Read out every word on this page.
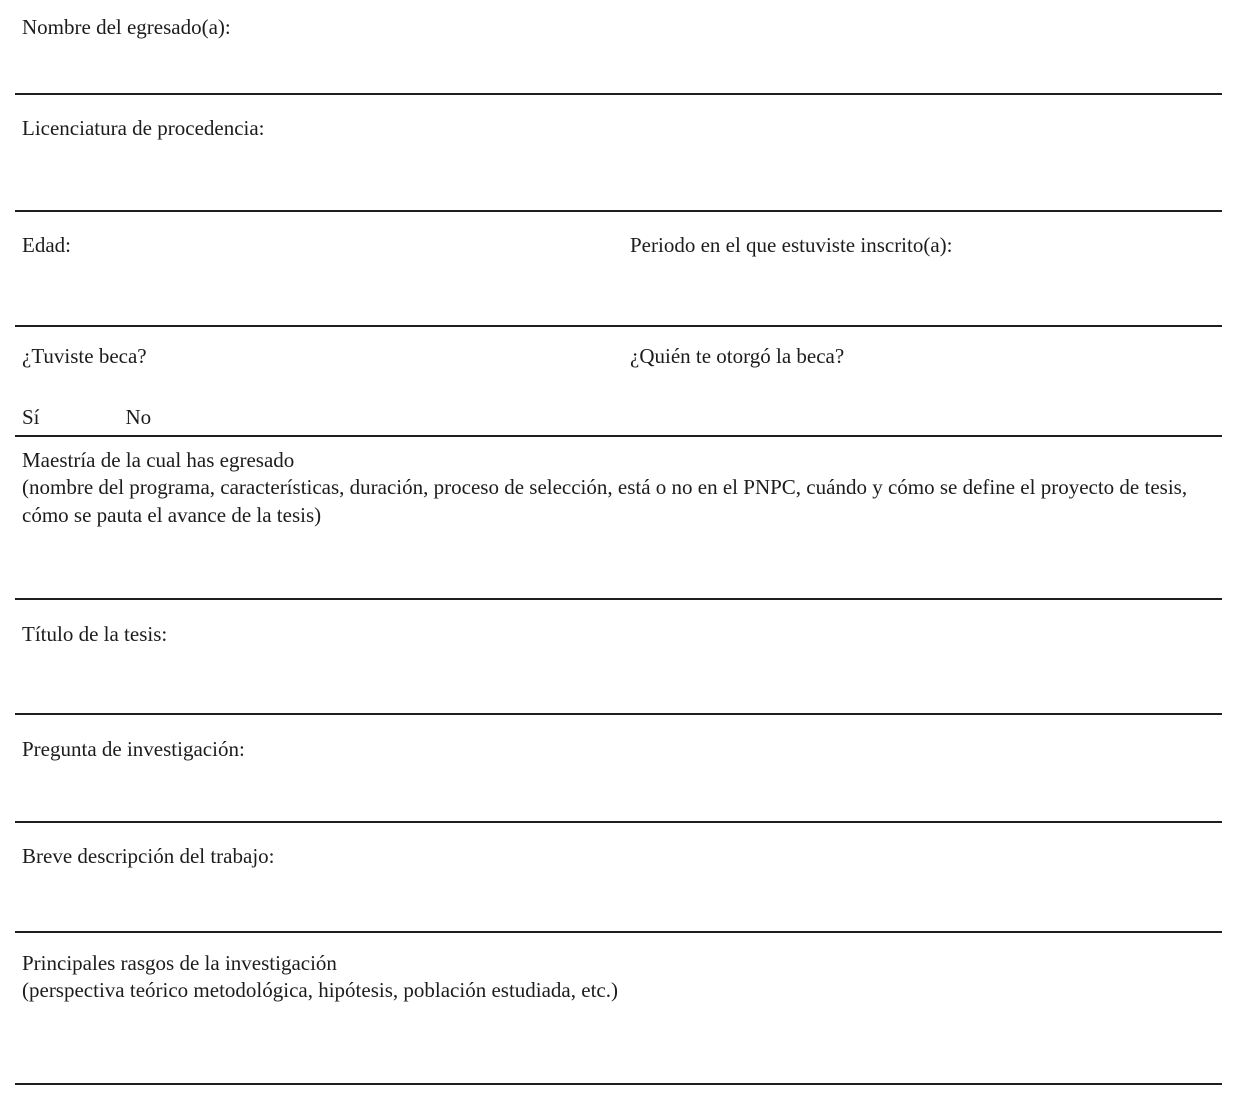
Nombre del egresado(a):
Licenciatura de procedencia:
Edad:	Periodo en el que estuviste inscrito(a):
¿Tuviste beca?	¿Quién te otorgó la beca?
Sí	No
Maestría de la cual has egresado
(nombre del programa, características, duración, proceso de selección, está o no en el PNPC, cuándo y cómo se define el proyecto de tesis, cómo se pauta el avance de la tesis)
Título de la tesis:
Pregunta de investigación:
Breve descripción del trabajo:
Principales rasgos de la investigación
(perspectiva teórico metodológica, hipótesis, población estudiada, etc.)
